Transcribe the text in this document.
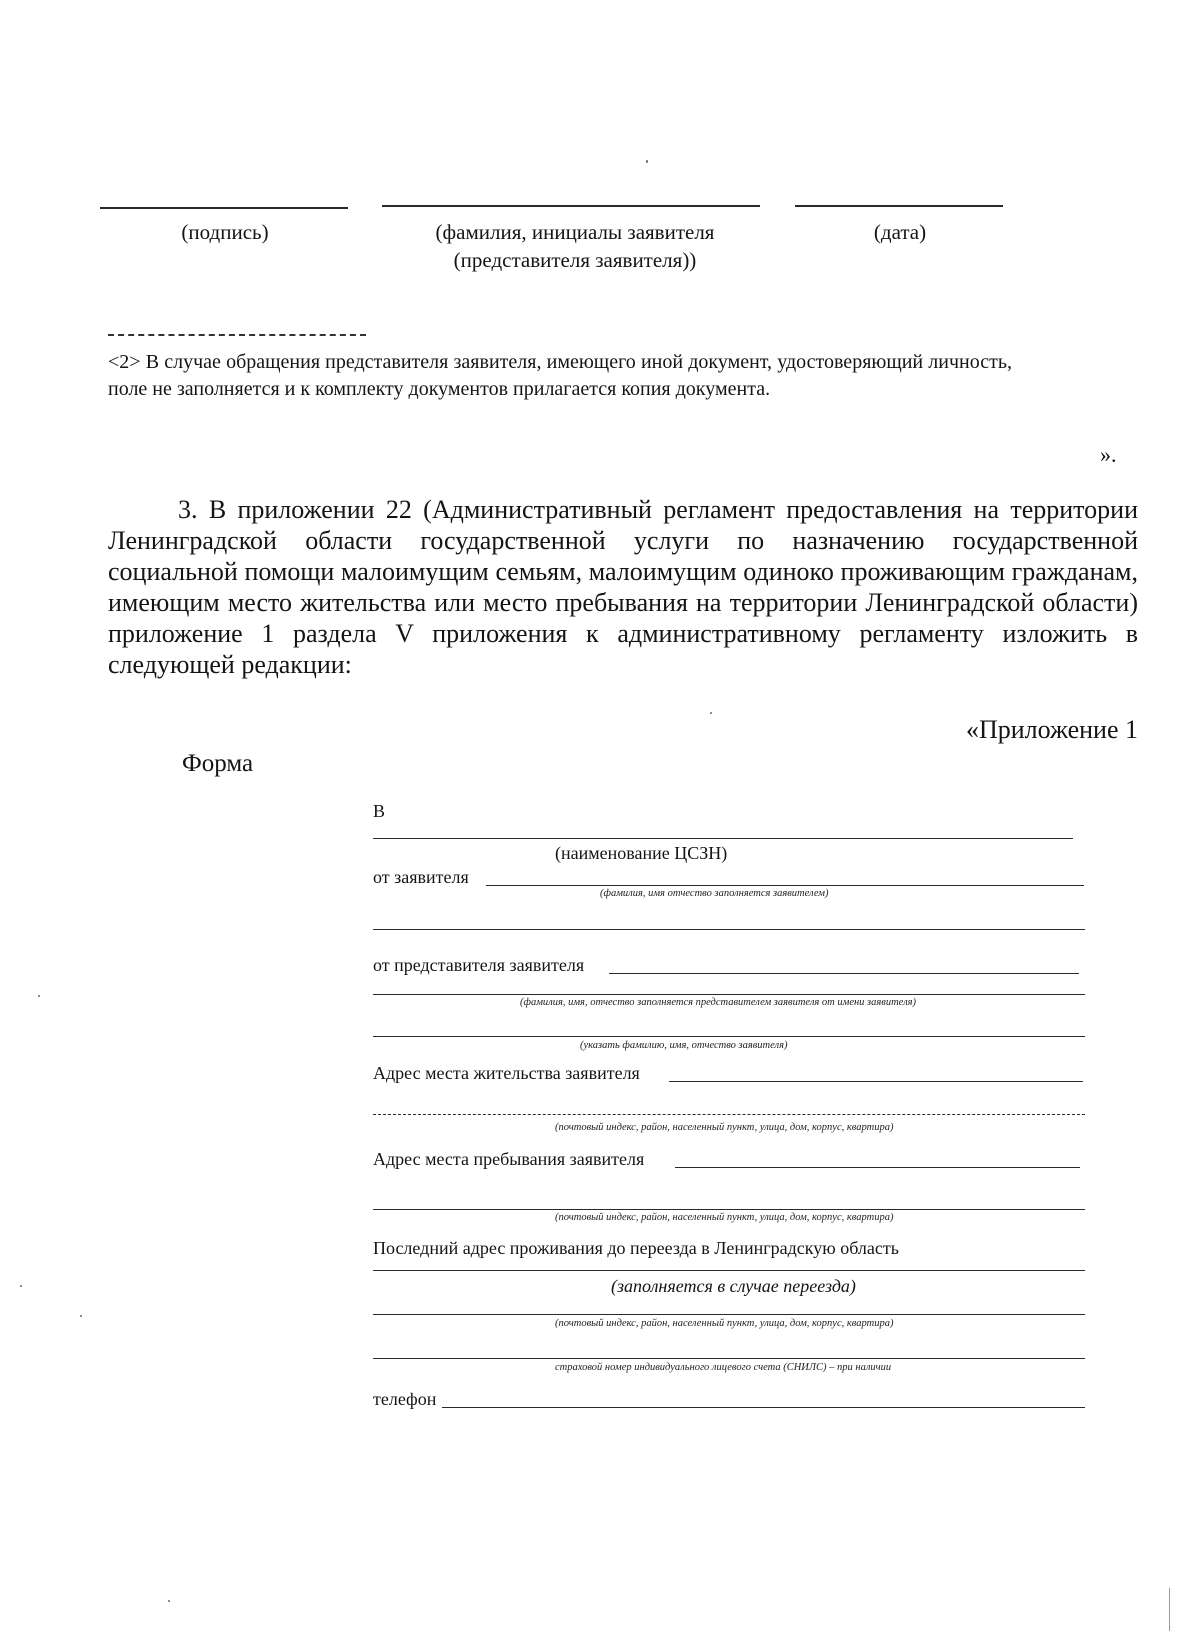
(подпись)	(фамилия, инициалы заявителя
(представителя заявителя))
(дата)
<2> В случае обращения представителя заявителя, имеющего иной документ, удостоверяющий личность, поле не заполняется и к комплекту документов прилагается копия документа.
».
3. В приложении 22 (Административный регламент предоставления на территории Ленинградской области государственной услуги по назначению государственной социальной помощи малоимущим семьям, малоимущим одиноко проживающим гражданам, имеющим место жительства или место пребывания на территории Ленинградской области) приложение 1 раздела V приложения к административному регламенту изложить в следующей редакции:
«Приложение 1
Форма
В
(наименование ЦСЗН)
от заявителя
(фамилия, имя отчество заполняется заявителем)
от представителя заявителя
(фамилия, имя, отчество заполняется представителем заявителя от имени заявителя)
(указать фамилию, имя, отчество заявителя)
Адрес места жительства заявителя
(почтовый индекс, район, населенный пункт, улица, дом, корпус, квартира)
Адрес места пребывания заявителя
(почтовый индекс, район, населенный пункт, улица, дом, корпус, квартира)
Последний адрес проживания до переезда в Ленинградскую область
(заполняется в случае переезда)
(почтовый индекс, район, населенный пункт, улица, дом, корпус, квартира)
страховой номер индивидуального лицевого счета (СНИЛС) – при наличии
телефон
